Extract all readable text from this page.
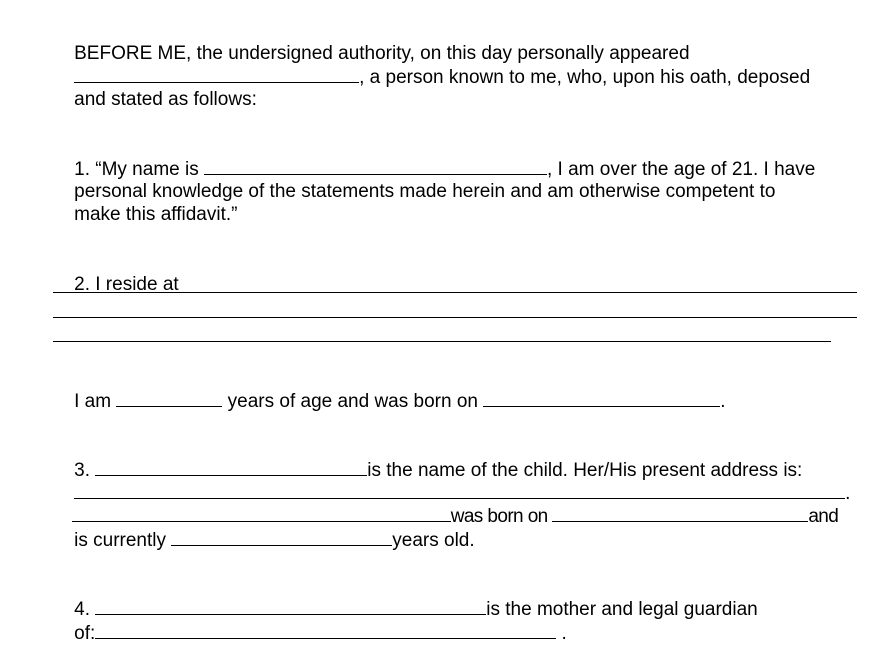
BEFORE ME, the undersigned authority, on this day personally appeared

, a person known to me, who, upon his oath, deposed

and stated as follows:

1. “My name is	, I am over the age of 21. I have

personal knowledge of the statements made herein and am otherwise competent to

make this affidavit.”

2. I reside at

I am	years of age and was born on	.

3.	is the name of the child. Her/His present address is:

.

was born on	and

is currently	years old.

4.	is the mother and legal guardian

of:	.
